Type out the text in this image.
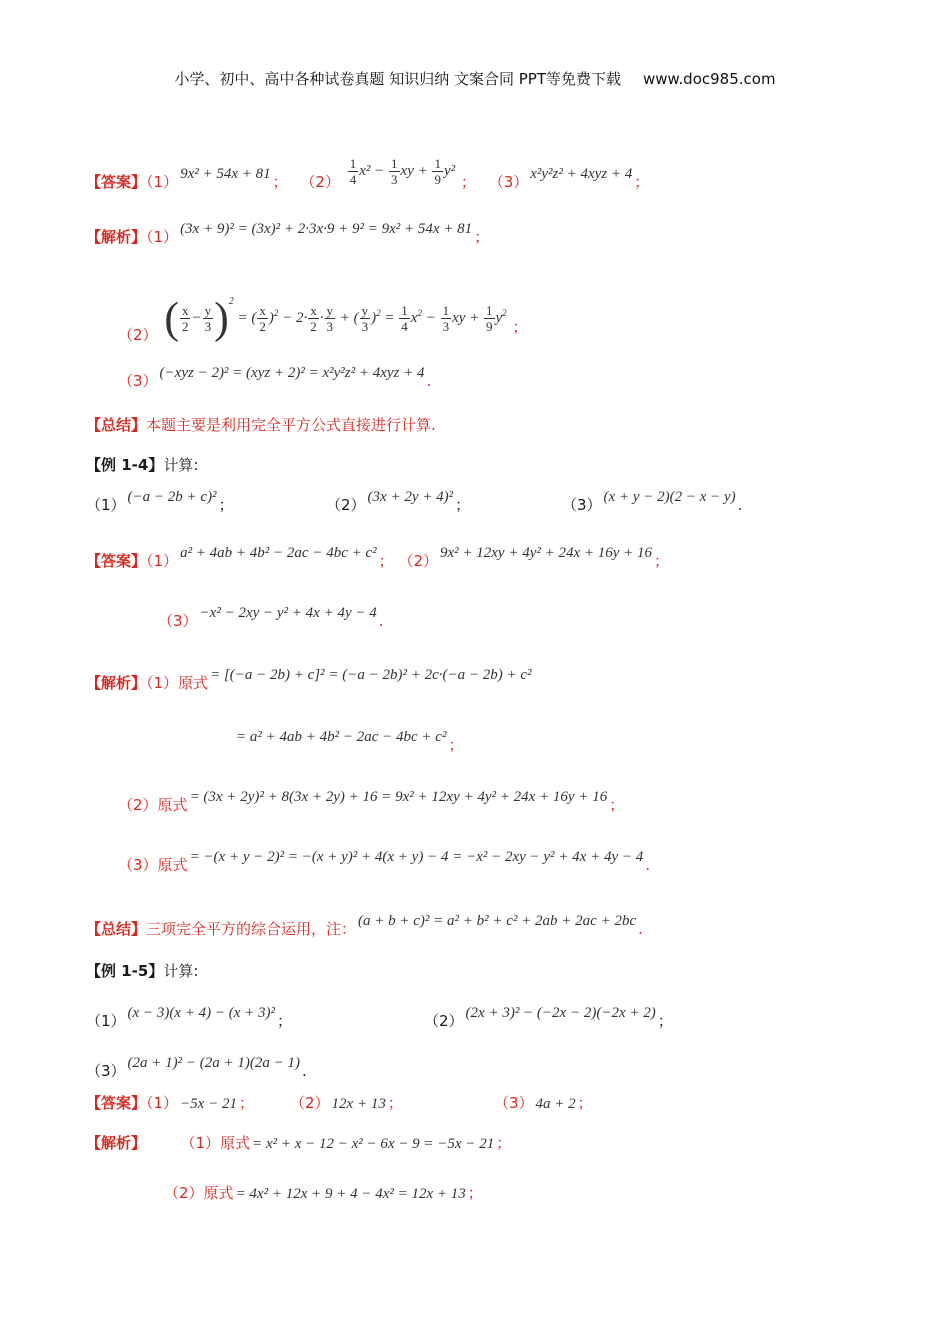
小学、初中、高中各种试卷真题 知识归纳 文案合同 PPT等免费下载 www.doc985.com
【答案】（1） 9x² + 54x + 81 ； $(2) \frac{1}{4} x^2 - \frac{1}{3}$ xy + $\frac{1}{9} y^2$ ； （3） x²y²z² + 4xyz + 4 ；
【解析】（1） (3x + 9)² = (3x)² + 2·3x·9 + 9² = 9x² + 54x + 81 ；
（2） ( $\frac{x}{2} - \frac{y}{3} )^2$ = ( $\frac{x}{2} )^2 - 2\cdot \frac{x}{2} \cdot \frac{y}{3}$ + ( $\frac{y}{3} )^2 = \frac{1}{4} x^2 - \frac{1}{3}$ xy + $\frac{1}{9} y^2$ ；
（3） (−xyz − 2)² = (xyz + 2)² = x²y²z² + 4xyz + 4 .
【总结】本题主要是利用完全平方公式直接进行计算.
【例 1-4】计算:
（1） (−a − 2b + c)² ；	（2） (3x + 2y + 4)² ；	（3） (x + y − 2)(2 − x − y) .
【答案】（1） a² + 4ab + 4b² − 2ac − 4bc + c² ； （2） 9x² + 12xy + 4y² + 24x + 16y + 16 ；
（3） −x² − 2xy − y² + 4x + 4y − 4 .
【解析】（1）原式 = [(−a − 2b) + c]² = (−a − 2b)² + 2c·(−a − 2b) + c²
= a² + 4ab + 4b² − 2ac − 4bc + c² ；
（2）原式 = (3x + 2y)² + 8(3x + 2y) + 16 = 9x² + 12xy + 4y² + 24x + 16y + 16 ；
（3）原式 = −(x + y − 2)² = −(x + y)² + 4(x + y) − 4 = −x² − 2xy − y² + 4x + 4y − 4 .
【总结】三项完全平方的综合运用，注： (a + b + c)² = a² + b² + c² + 2ab + 2ac + 2bc .
【例 1-5】计算:
（1） (x − 3)(x + 4) − (x + 3)² ；	（2） (2x + 3)² − (−2x − 2)(−2x + 2) ；
（3） (2a + 1)² − (2a + 1)(2a − 1) .
【答案】（1） −5x − 21 ； （2） 12x + 13 ；	（3） 4a + 2 ；
【解析】	（1）原式 = x² + x − 12 − x² − 6x − 9 = −5x − 21 ；
（2）原式 = 4x² + 12x + 9 + 4 − 4x² = 12x + 13 ；
